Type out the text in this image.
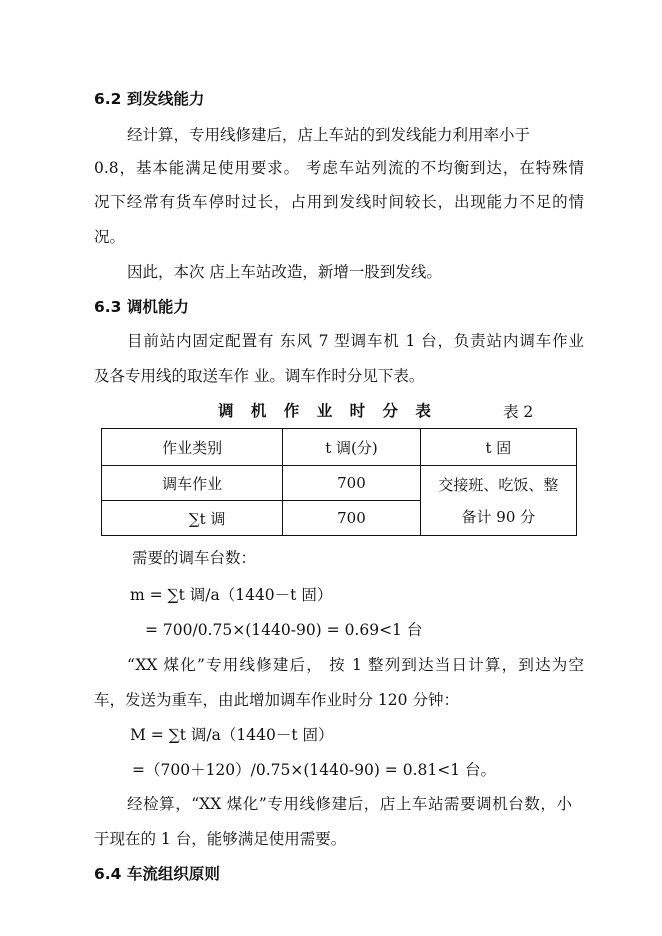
6.2 到发线能力
经计算，专用线修建后，店上车站的到发线能力利用率小于
0.8，基本能满足使用要求。 考虑车站列流的不均衡到达，在特殊情
况下经常有货车停时过长，占用到发线时间较长，出现能力不足的情
况。
因此，本次 店上车站改造，新增一股到发线。
6.3 调机能力
目前站内固定配置有 东风 7 型调车机 1 台，负责站内调车作业
及各专用线的取送车作 业。调车作时分见下表。
调 机 作 业 时 分 表	表 2
作业类别	t 调(分)	t 固
调车作业	700	交接班、吃饭、整
备计 90 分

∑t 调	700	
需要的调车台数：
m = ∑t 调/a（1440－t 固）
= 700/0.75×(1440-90) = 0.69<1 台
“XX 煤化”专用线修建后， 按 1 整列到达当日计算，到达为空
车，发送为重车，由此增加调车作业时分 120 分钟：
M = ∑t 调/a（1440－t 固）
=（700＋120）/0.75×(1440-90) = 0.81<1 台。
经检算，“XX 煤化”专用线修建后，店上车站需要调机台数，小
于现在的 1 台，能够满足使用需要。
6.4 车流组织原则
